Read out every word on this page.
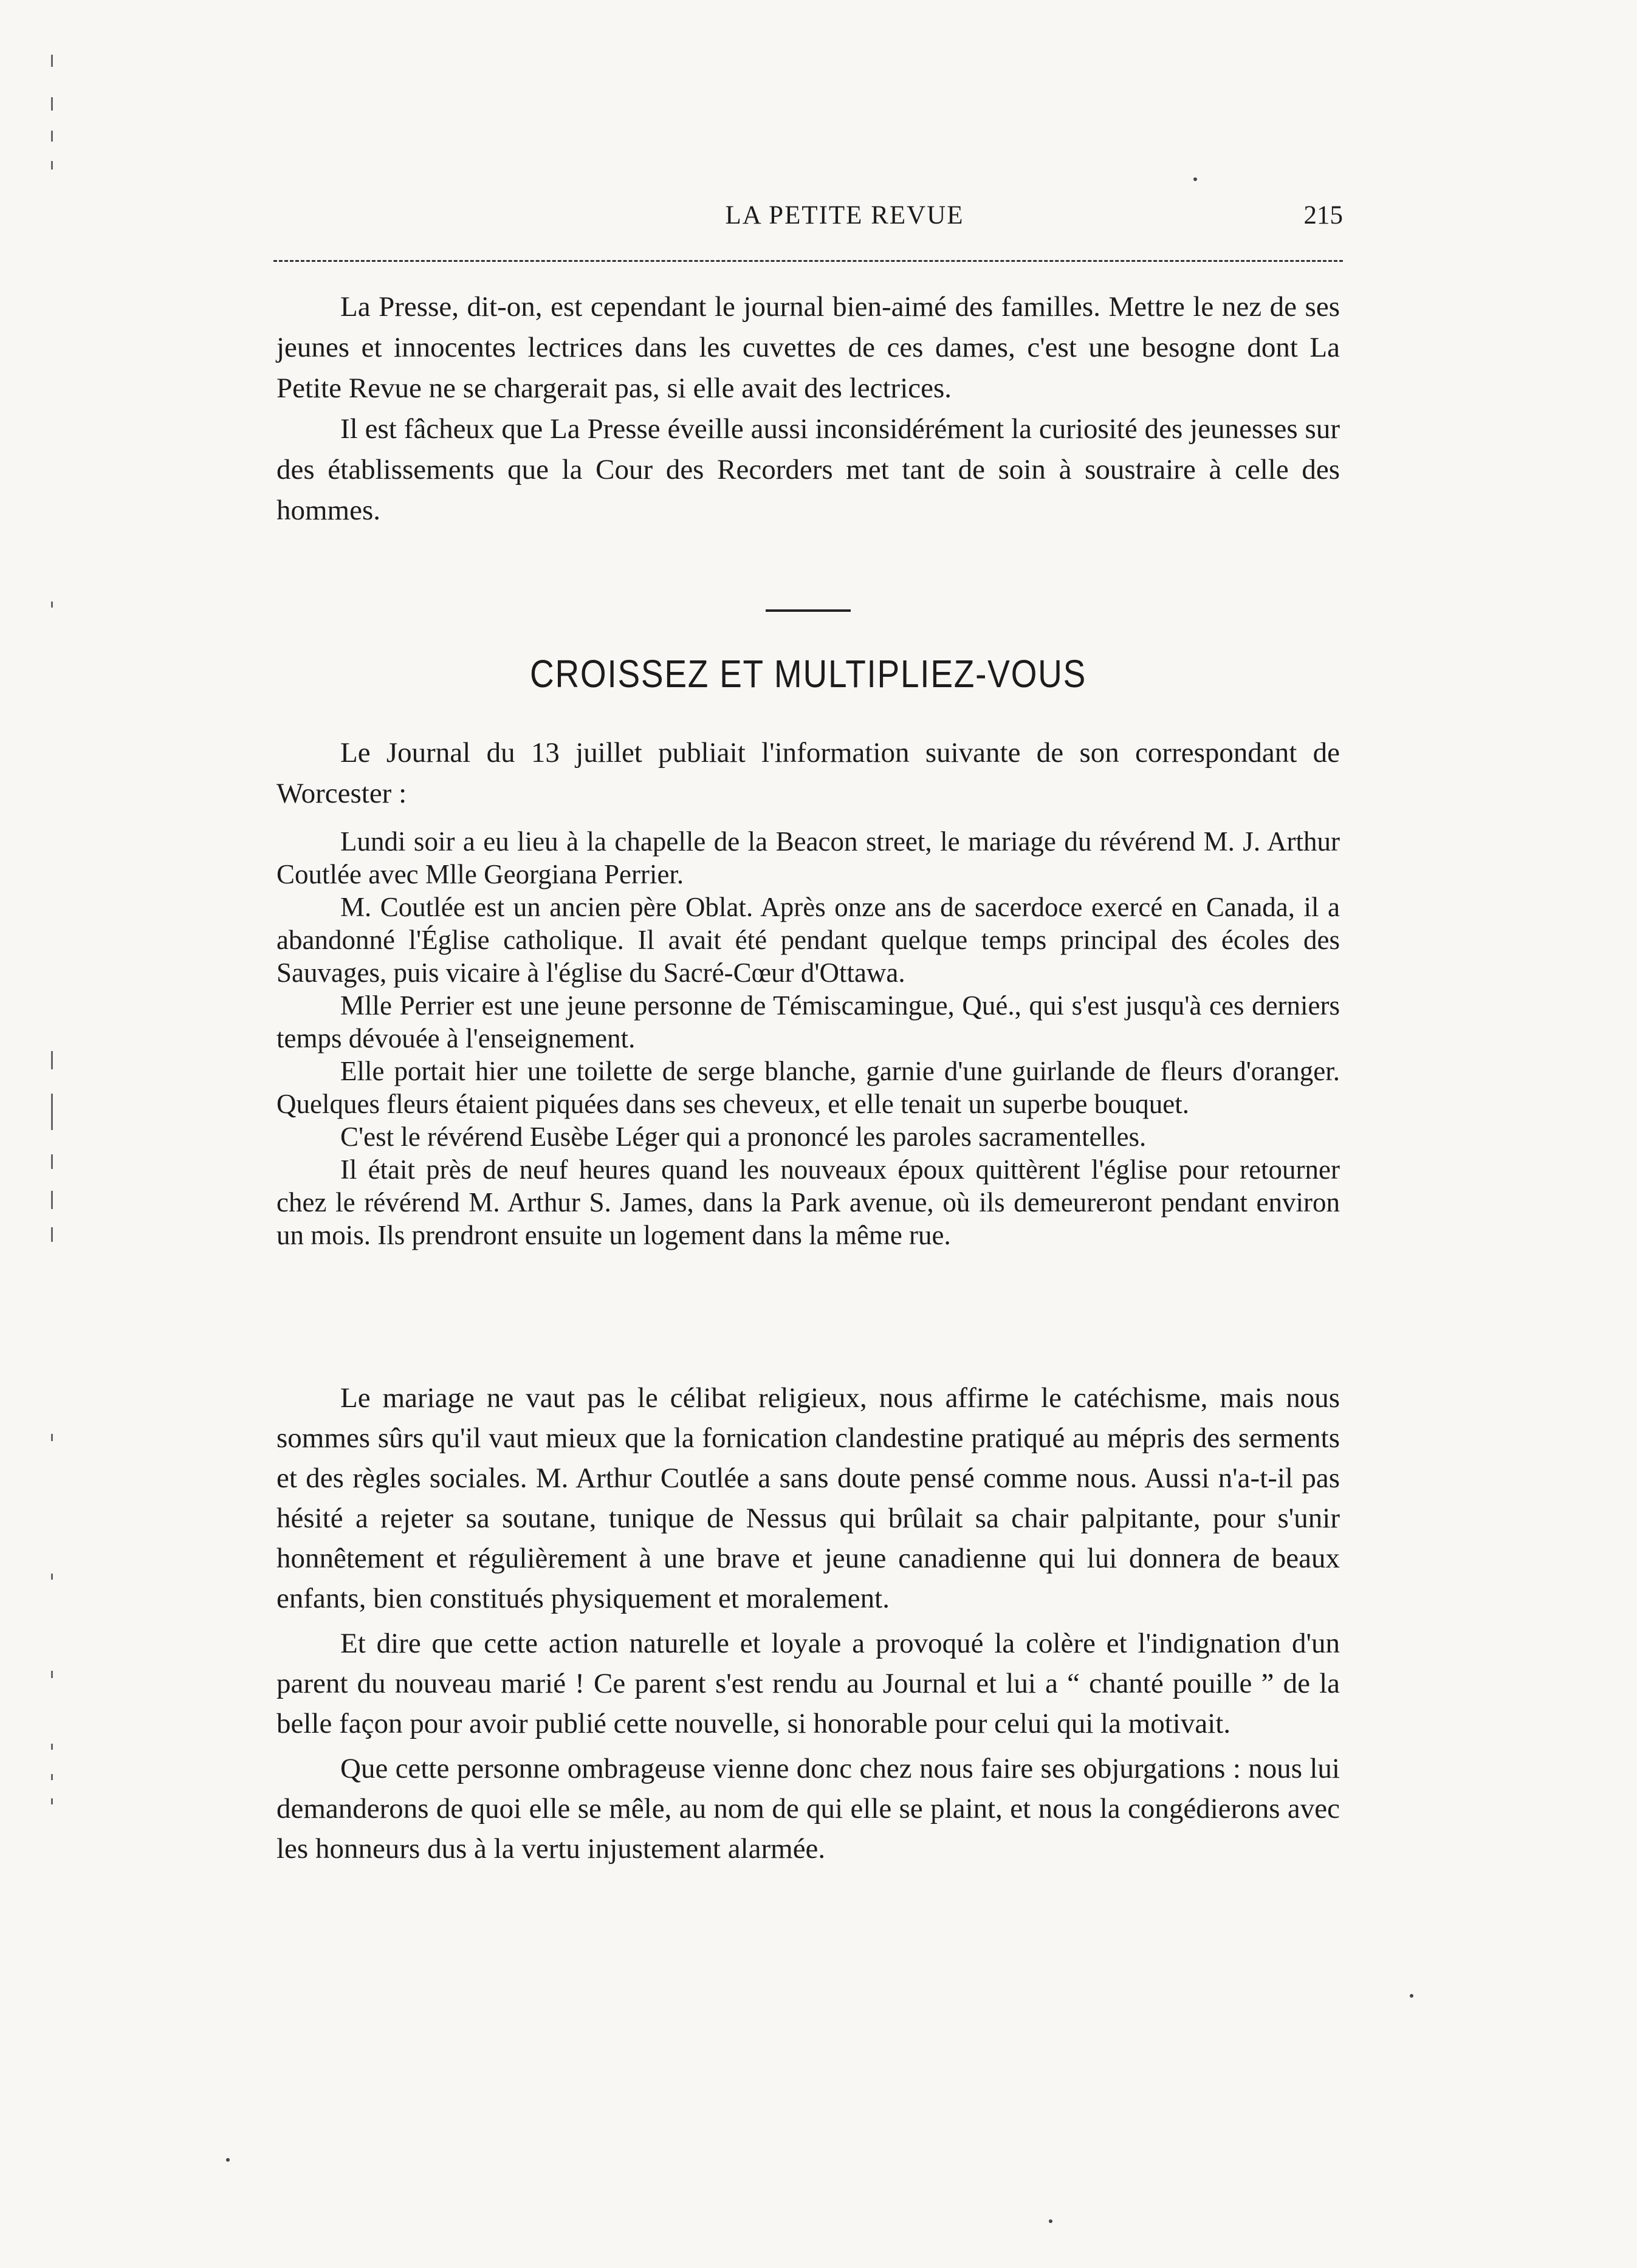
LA PETITE REVUE	215

La Presse, dit-on, est cependant le journal bien-aimé des familles. Mettre le nez de ses jeunes et innocentes lectrices dans les cuvettes de ces dames, c'est une besogne dont La Petite Revue ne se chargerait pas, si elle avait des lectrices.

Il est fâcheux que La Presse éveille aussi inconsidérément la curiosité des jeunesses sur des établissements que la Cour des Recorders met tant de soin à soustraire à celle des hommes.

CROISSEZ ET MULTIPLIEZ-VOUS

Le Journal du 13 juillet publiait l'information suivante de son correspondant de Worcester :

Lundi soir a eu lieu à la chapelle de la Beacon street, le mariage du révérend M. J. Arthur Coutlée avec Mlle Georgiana Perrier.

M. Coutlée est un ancien père Oblat. Après onze ans de sacerdoce exercé en Canada, il a abandonné l'Église catholique. Il avait été pendant quelque temps principal des écoles des Sauvages, puis vicaire à l'église du Sacré-Cœur d'Ottawa.

Mlle Perrier est une jeune personne de Témiscamingue, Qué., qui s'est jusqu'à ces derniers temps dévouée à l'enseignement.

Elle portait hier une toilette de serge blanche, garnie d'une guirlande de fleurs d'oranger. Quelques fleurs étaient piquées dans ses cheveux, et elle tenait un superbe bouquet.

C'est le révérend Eusèbe Léger qui a prononcé les paroles sacramentelles.

Il était près de neuf heures quand les nouveaux époux quittèrent l'église pour retourner chez le révérend M. Arthur S. James, dans la Park avenue, où ils demeureront pendant environ un mois. Ils prendront ensuite un logement dans la même rue.

Le mariage ne vaut pas le célibat religieux, nous affirme le catéchisme, mais nous sommes sûrs qu'il vaut mieux que la fornication clandestine pratiqué au mépris des serments et des règles sociales. M. Arthur Coutlée a sans doute pensé comme nous. Aussi n'a-t-il pas hésité a rejeter sa soutane, tunique de Nessus qui brûlait sa chair palpitante, pour s'unir honnêtement et régulièrement à une brave et jeune canadienne qui lui donnera de beaux enfants, bien constitués physiquement et moralement.

Et dire que cette action naturelle et loyale a provoqué la colère et l'indignation d'un parent du nouveau marié ! Ce parent s'est rendu au Journal et lui a “ chanté pouille ” de la belle façon pour avoir publié cette nouvelle, si honorable pour celui qui la motivait.

Que cette personne ombrageuse vienne donc chez nous faire ses objurgations : nous lui demanderons de quoi elle se mêle, au nom de qui elle se plaint, et nous la congédierons avec les honneurs dus à la vertu injustement alarmée.
